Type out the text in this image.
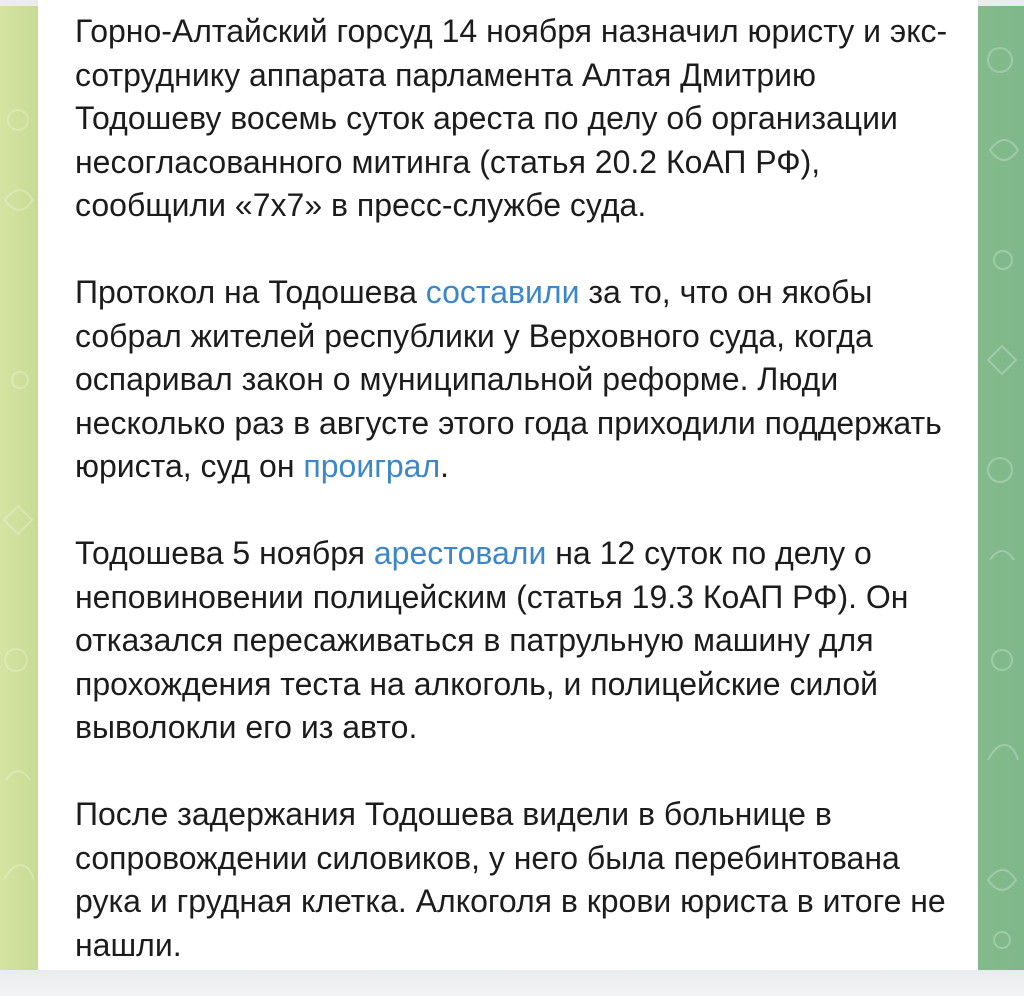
Горно-Алтайский горсуд 14 ноября назначил юристу и экс-сотруднику аппарата парламента Алтая Дмитрию Тодошеву восемь суток ареста по делу об организации несогласованного митинга (статья 20.2 КоАП РФ), сообщили «7х7» в пресс-службе суда.

Протокол на Тодошева составили за то, что он якобы собрал жителей республики у Верховного суда, когда оспаривал закон о муниципальной реформе. Люди несколько раз в августе этого года приходили поддержать юриста, суд он проиграл.

Тодошева 5 ноября арестовали на 12 суток по делу о неповиновении полицейским (статья 19.3 КоАП РФ). Он отказался пересаживаться в патрульную машину для прохождения теста на алкоголь, и полицейские силой выволокли его из авто.

После задержания Тодошева видели в больнице в сопровождении силовиков, у него была перебинтована рука и грудная клетка. Алкоголя в крови юриста в итоге не нашли.
